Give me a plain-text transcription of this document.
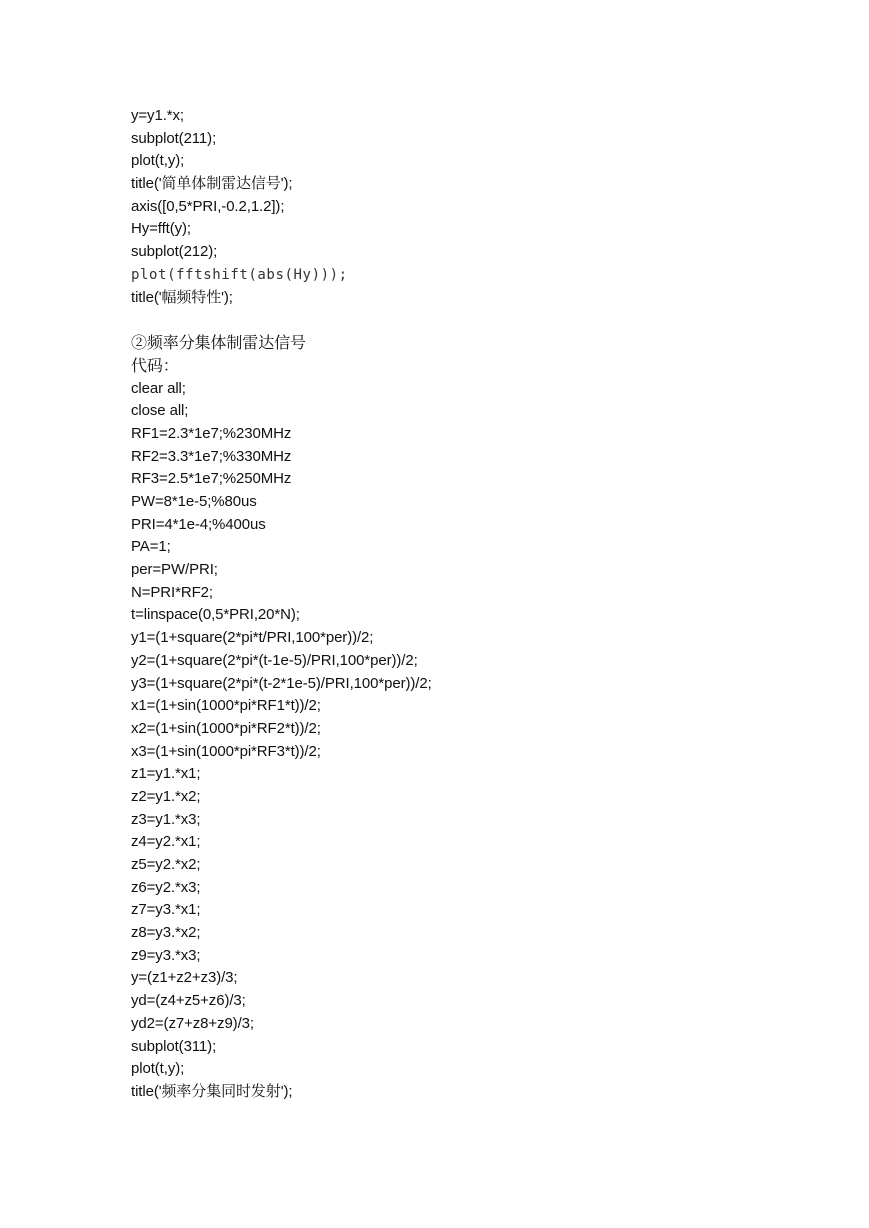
y=y1.*x;
subplot(211);
plot(t,y);
title('简单体制雷达信号');
axis([0,5*PRI,-0.2,1.2]);
Hy=fft(y);
subplot(212);
plot(fftshift(abs(Hy)));
title('幅频特性');
②频率分集体制雷达信号
代码：
clear all;
close all;
RF1=2.3*1e7;%230MHz
RF2=3.3*1e7;%330MHz
RF3=2.5*1e7;%250MHz
PW=8*1e-5;%80us
PRI=4*1e-4;%400us
PA=1;
per=PW/PRI;
N=PRI*RF2;
t=linspace(0,5*PRI,20*N);
y1=(1+square(2*pi*t/PRI,100*per))/2;
y2=(1+square(2*pi*(t-1e-5)/PRI,100*per))/2;
y3=(1+square(2*pi*(t-2*1e-5)/PRI,100*per))/2;
x1=(1+sin(1000*pi*RF1*t))/2;
x2=(1+sin(1000*pi*RF2*t))/2;
x3=(1+sin(1000*pi*RF3*t))/2;
z1=y1.*x1;
z2=y1.*x2;
z3=y1.*x3;
z4=y2.*x1;
z5=y2.*x2;
z6=y2.*x3;
z7=y3.*x1;
z8=y3.*x2;
z9=y3.*x3;
y=(z1+z2+z3)/3;
yd=(z4+z5+z6)/3;
yd2=(z7+z8+z9)/3;
subplot(311);
plot(t,y);
title('频率分集同时发射');
